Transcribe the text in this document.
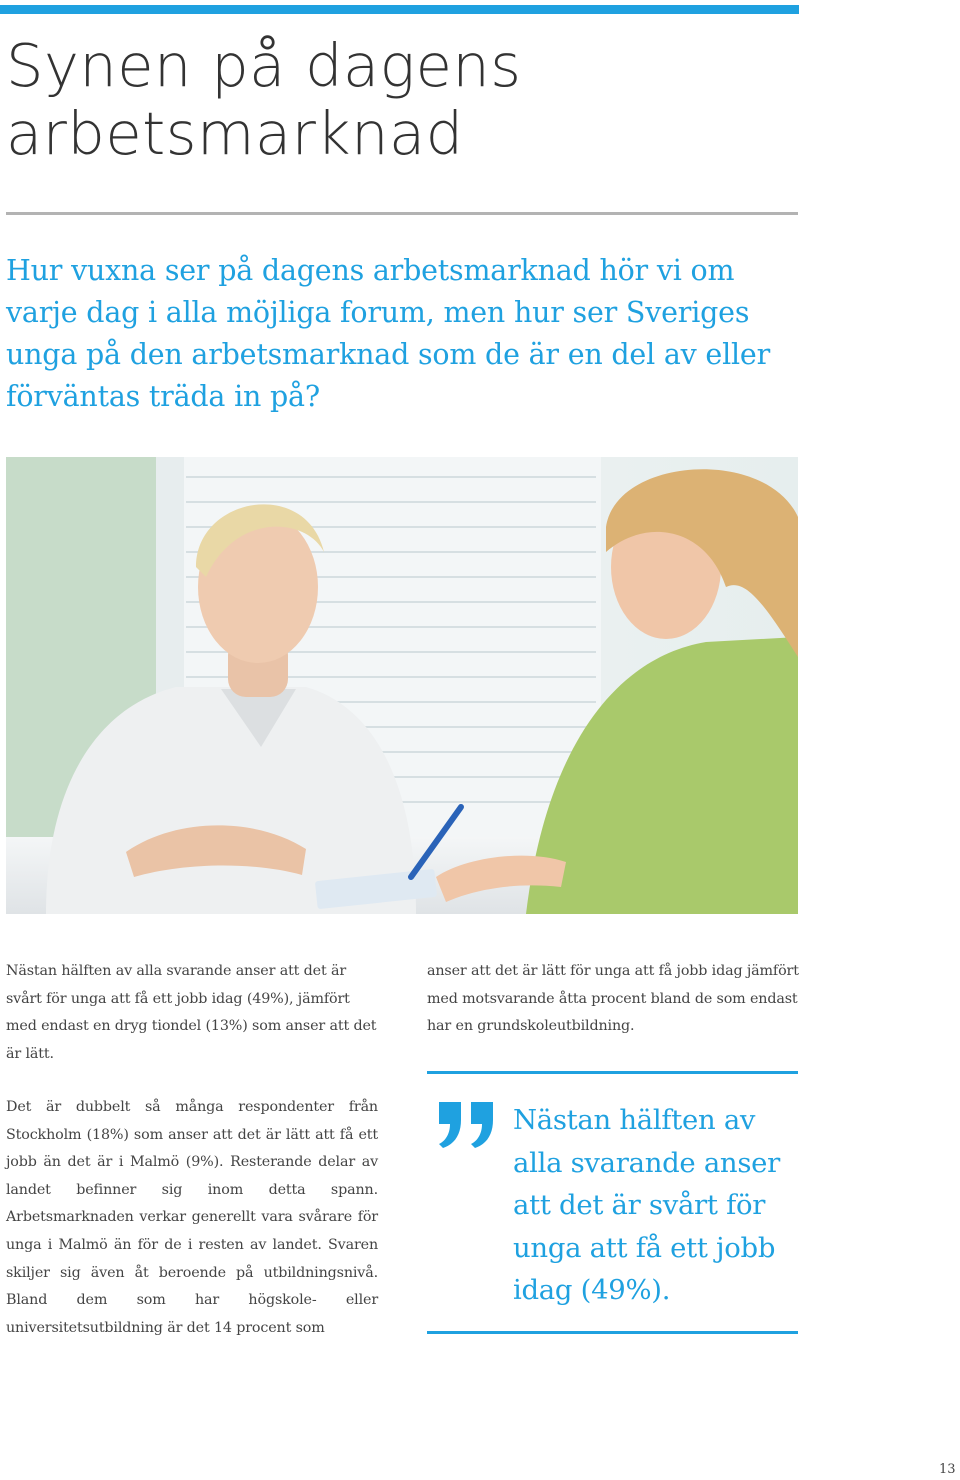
Synen på dagens
arbetsmarknad

Hur vuxna ser på dagens arbetsmarknad hör vi om varje dag i alla möjliga forum, men hur ser Sveriges unga på den arbetsmarknad som de är en del av eller förväntas träda in på?

Nästan hälften av alla svarande anser att det är svårt för unga att få ett jobb idag (49%), jämfört med endast en dryg tiondel (13%) som anser att det är lätt.

Det är dubbelt så många respondenter från Stockholm (18%) som anser att det är lätt att få ett jobb än det är i Malmö (9%). Resterande delar av landet befinner sig inom detta spann. Arbetsmarknaden verkar generellt vara svårare för unga i Malmö än för de i resten av landet. Svaren skiljer sig även åt beroende på utbildningsnivå. Bland dem som har högskole- eller universitetsutbildning är det 14 procent som

anser att det är lätt för unga att få jobb idag jämfört med motsvarande åtta procent bland de som endast har en grundskoleutbildning.

Nästan hälften av alla svarande anser att det är svårt för unga att få ett jobb idag (49%).

13
